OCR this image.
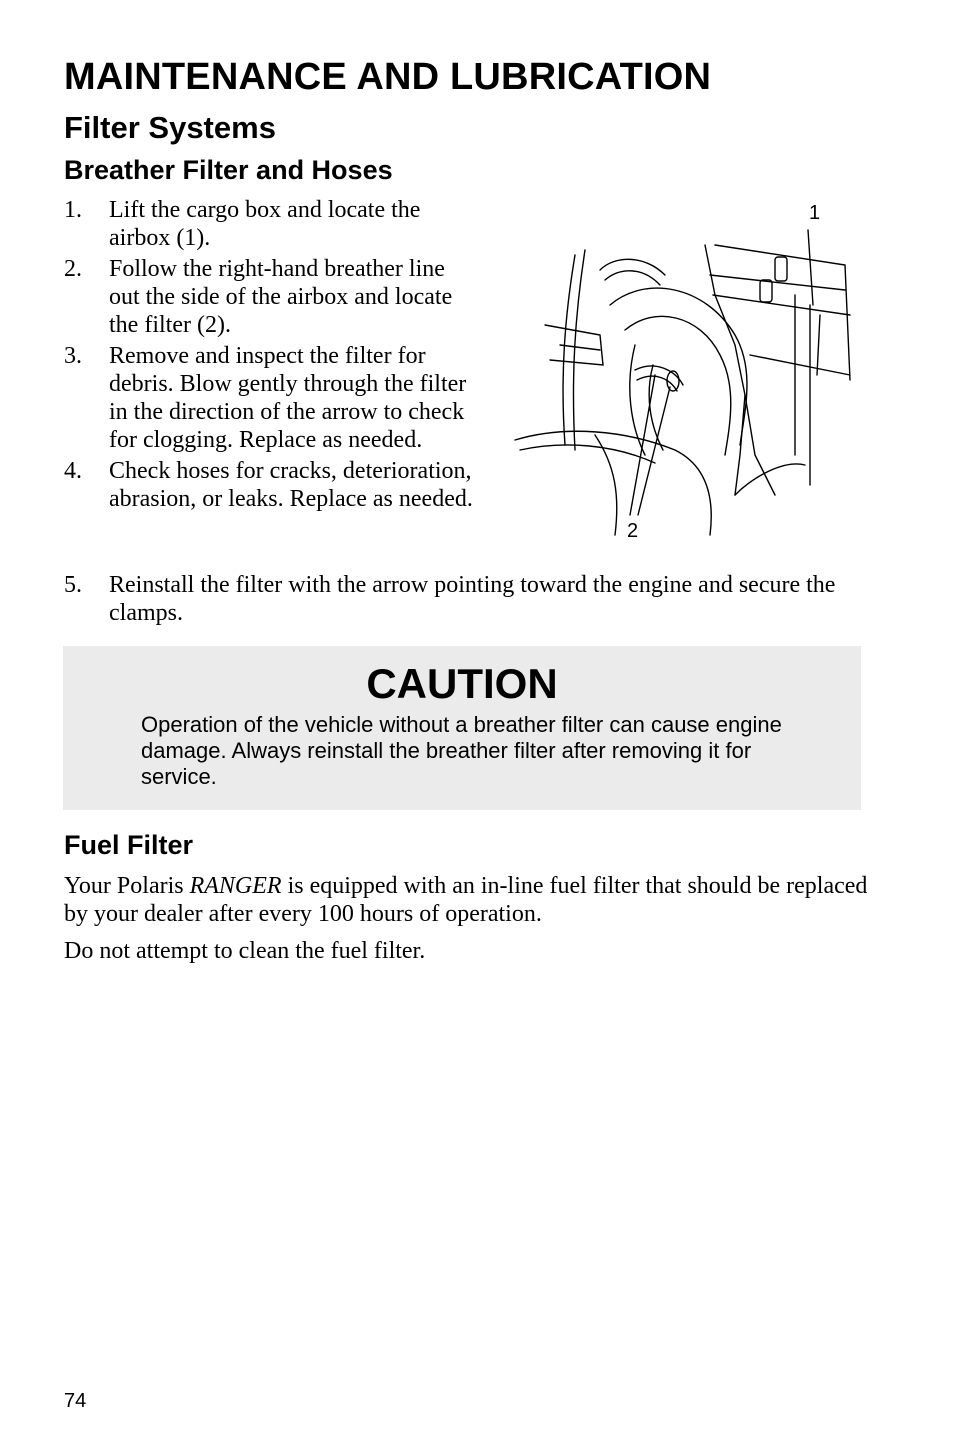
MAINTENANCE AND LUBRICATION
Filter Systems
Breather Filter and Hoses
1.	Lift the cargo box and locate the airbox (1).
2.	Follow the right-hand breather line out the side of the airbox and locate the filter (2).
3.	Remove and inspect the filter for debris. Blow gently through the filter in the direction of the arrow to check for clogging. Replace as needed.
4.	Check hoses for cracks, deterioration, abrasion, or leaks. Replace as needed.
5.	Reinstall the filter with the arrow pointing toward the engine and secure the clamps.
1
2
CAUTION

Operation of the vehicle without a breather filter can cause engine damage. Always reinstall the breather filter after removing it for service.

Fuel Filter

Your Polaris RANGER is equipped with an in-line fuel filter that should be replaced by your dealer after every 100 hours of operation.

Do not attempt to clean the fuel filter.

74
